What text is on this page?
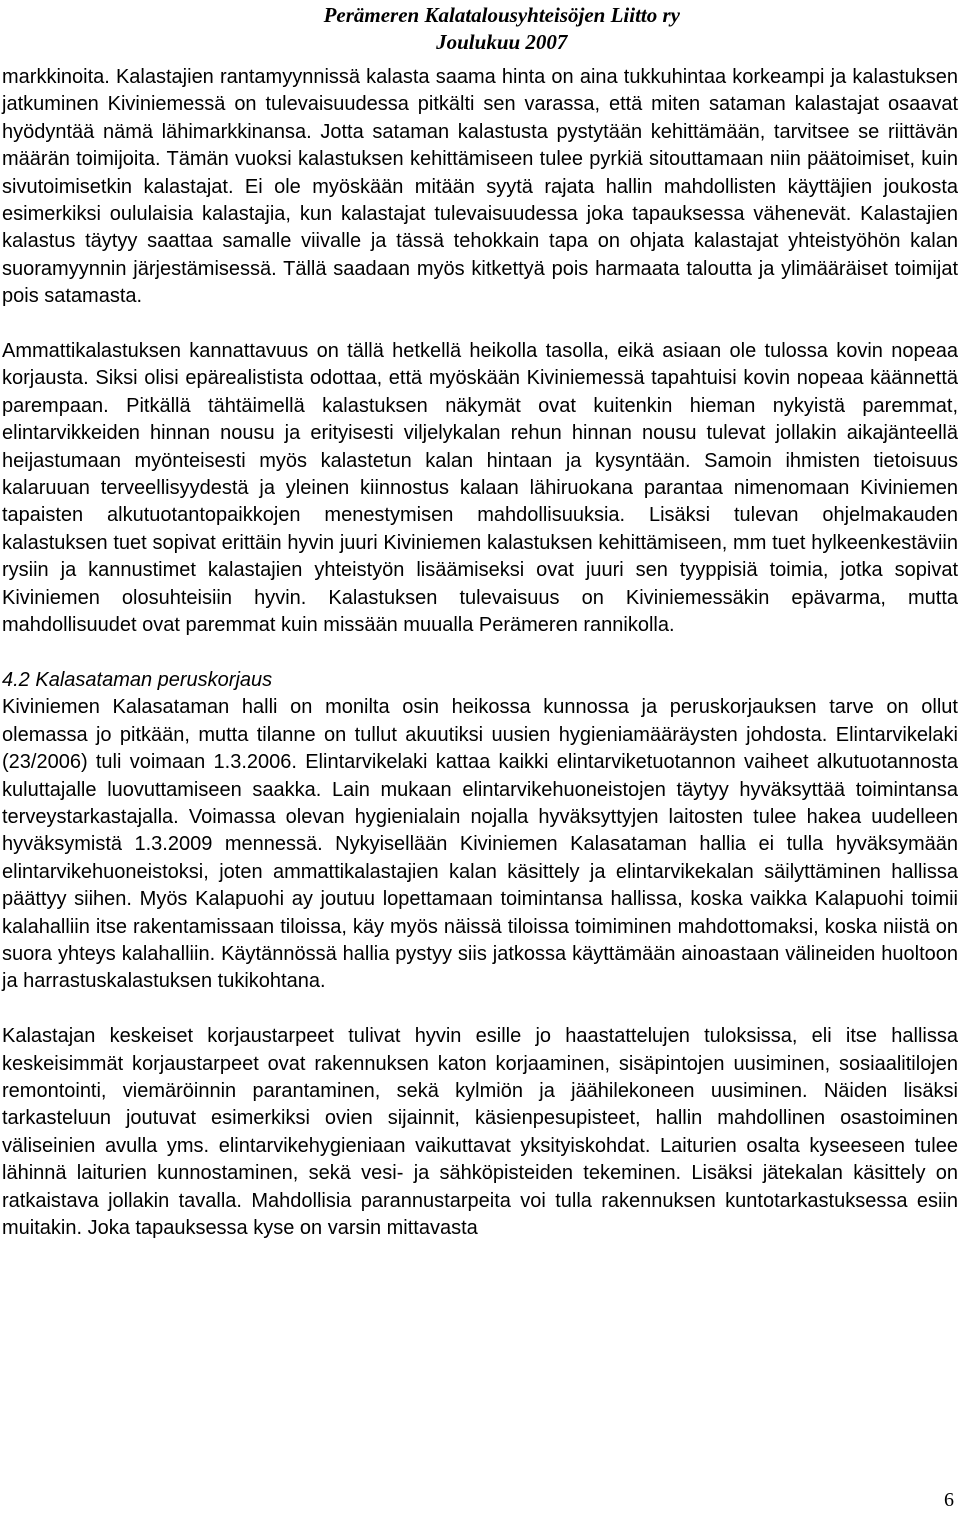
Perämeren Kalatalousyhteisöjen Liitto ry
Joulukuu 2007

markkinoita. Kalastajien rantamyynnissä kalasta saama hinta on aina tukkuhintaa korkeampi ja kalastuksen jatkuminen Kiviniemessä on tulevaisuudessa pitkälti sen varassa, että miten sataman kalastajat osaavat hyödyntää nämä lähimarkkinansa. Jotta sataman kalastusta pystytään kehittämään, tarvitsee se riittävän määrän toimijoita. Tämän vuoksi kalastuksen kehittämiseen tulee pyrkiä sitouttamaan niin päätoimiset, kuin sivutoimisetkin kalastajat. Ei ole myöskään mitään syytä rajata hallin mahdollisten käyttäjien joukosta esimerkiksi oululaisia kalastajia, kun kalastajat tulevaisuudessa joka tapauksessa vähenevät. Kalastajien kalastus täytyy saattaa samalle viivalle ja tässä tehokkain tapa on ohjata kalastajat yhteistyöhön kalan suoramyynnin järjestämisessä. Tällä saadaan myös kitkettyä pois harmaata taloutta ja ylimääräiset toimijat pois satamasta.

Ammattikalastuksen kannattavuus on tällä hetkellä heikolla tasolla, eikä asiaan ole tulossa kovin nopeaa korjausta. Siksi olisi epärealistista odottaa, että myöskään Kiviniemessä tapahtuisi kovin nopeaa käännettä parempaan. Pitkällä tähtäimellä kalastuksen näkymät ovat kuitenkin hieman nykyistä paremmat, elintarvikkeiden hinnan nousu ja erityisesti viljelykalan rehun hinnan nousu tulevat jollakin aikajänteellä heijastumaan myönteisesti myös kalastetun kalan hintaan ja kysyntään. Samoin ihmisten tietoisuus kalaruuan terveellisyydestä ja yleinen kiinnostus kalaan lähiruokana parantaa nimenomaan Kiviniemen tapaisten alkutuotantopaikkojen menestymisen mahdollisuuksia. Lisäksi tulevan ohjelmakauden kalastuksen tuet sopivat erittäin hyvin juuri Kiviniemen kalastuksen kehittämiseen, mm tuet hylkeenkestäviin rysiin ja kannustimet kalastajien yhteistyön lisäämiseksi ovat juuri sen tyyppisiä toimia, jotka sopivat Kiviniemen olosuhteisiin hyvin. Kalastuksen tulevaisuus on Kiviniemessäkin epävarma, mutta mahdollisuudet ovat paremmat kuin missään muualla Perämeren rannikolla.

4.2 Kalasataman peruskorjaus

Kiviniemen Kalasataman halli on monilta osin heikossa kunnossa ja peruskorjauksen tarve on ollut olemassa jo pitkään, mutta tilanne on tullut akuutiksi uusien hygieniamääräysten johdosta. Elintarvikelaki (23/2006) tuli voimaan 1.3.2006. Elintarvikelaki kattaa kaikki elintarviketuotannon vaiheet alkutuotannosta kuluttajalle luovuttamiseen saakka. Lain mukaan elintarvikehuoneistojen täytyy hyväksyttää toimintansa terveystarkastajalla. Voimassa olevan hygienialain nojalla hyväksyttyjen laitosten tulee hakea uudelleen hyväksymistä 1.3.2009 mennessä. Nykyisellään Kiviniemen Kalasataman hallia ei tulla hyväksymään elintarvikehuoneistoksi, joten ammattikalastajien kalan käsittely ja elintarvikekalan säilyttäminen hallissa päättyy siihen. Myös Kalapuohi ay joutuu lopettamaan toimintansa hallissa, koska vaikka Kalapuohi toimii kalahalliin itse rakentamissaan tiloissa, käy myös näissä tiloissa toimiminen mahdottomaksi, koska niistä on suora yhteys kalahalliin. Käytännössä hallia pystyy siis jatkossa käyttämään ainoastaan välineiden huoltoon ja harrastuskalastuksen tukikohtana.

Kalastajan keskeiset korjaustarpeet tulivat hyvin esille jo haastattelujen tuloksissa, eli itse hallissa keskeisimmät korjaustarpeet ovat rakennuksen katon korjaaminen, sisäpintojen uusiminen, sosiaalitilojen remontointi, viemäröinnin parantaminen, sekä kylmiön ja jäähilekoneen uusiminen. Näiden lisäksi tarkasteluun joutuvat esimerkiksi ovien sijainnit, käsienpesupisteet, hallin mahdollinen osastoiminen väliseinien avulla yms. elintarvikehygieniaan vaikuttavat yksityiskohdat. Laiturien osalta kyseeseen tulee lähinnä laiturien kunnostaminen, sekä vesi- ja sähköpisteiden tekeminen. Lisäksi jätekalan käsittely on ratkaistava jollakin tavalla. Mahdollisia parannustarpeita voi tulla rakennuksen kuntotarkastuksessa esiin muitakin. Joka tapauksessa kyse on varsin mittavasta

6
